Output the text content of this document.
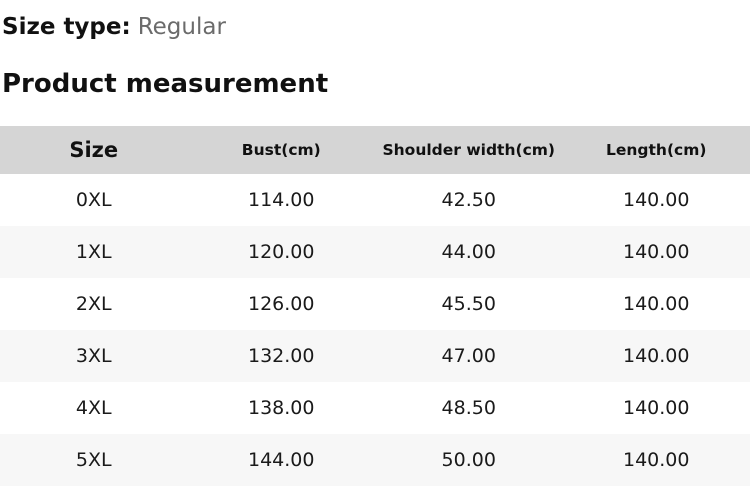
Size type: Regular
Product measurement
Size	Bust(cm)	Shoulder width(cm)	Length(cm)
0XL	114.00	42.50	140.00
1XL	120.00	44.00	140.00
2XL	126.00	45.50	140.00
3XL	132.00	47.00	140.00
4XL	138.00	48.50	140.00
5XL	144.00	50.00	140.00
